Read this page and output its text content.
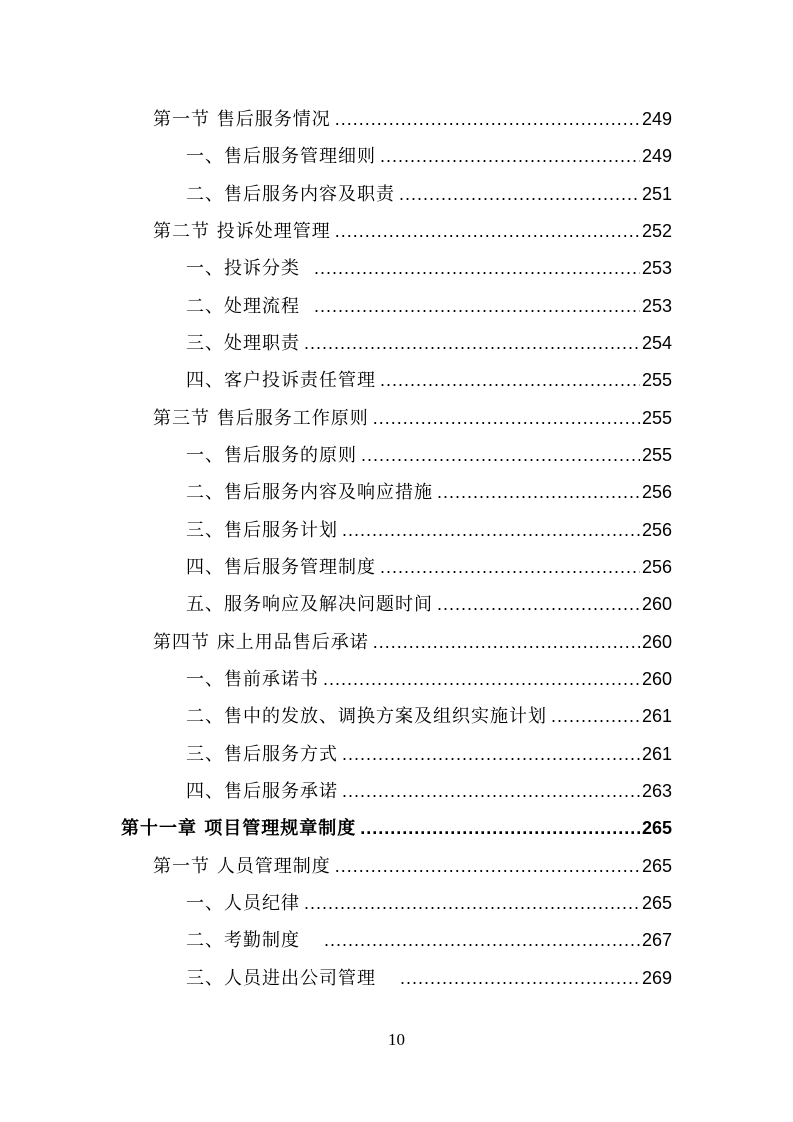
第一节 售后服务情况 .....	249
一、售后服务管理细则 .....	249
二、售后服务内容及职责 .....	251
第二节 投诉处理管理 .....	252
一、投诉分类 .....	253
二、处理流程 .....	253
三、处理职责 .....	254
四、客户投诉责任管理 .....	255
第三节 售后服务工作原则 .....	255
一、售后服务的原则 .....	255
二、售后服务内容及响应措施 .....	256
三、售后服务计划 .....	256
四、售后服务管理制度 .....	256
五、服务响应及解决问题时间 .....	260
第四节 床上用品售后承诺 .....	260
一、售前承诺书 .....	260
二、售中的发放、调换方案及组织实施计划 .....	261
三、售后服务方式 .....	261
四、售后服务承诺 .....	263
第十一章 项目管理规章制度 .....	265
第一节 人员管理制度 .....	265
一、人员纪律 .....	265
二、考勤制度 .....	267
三、人员进出公司管理 .....	269
10
